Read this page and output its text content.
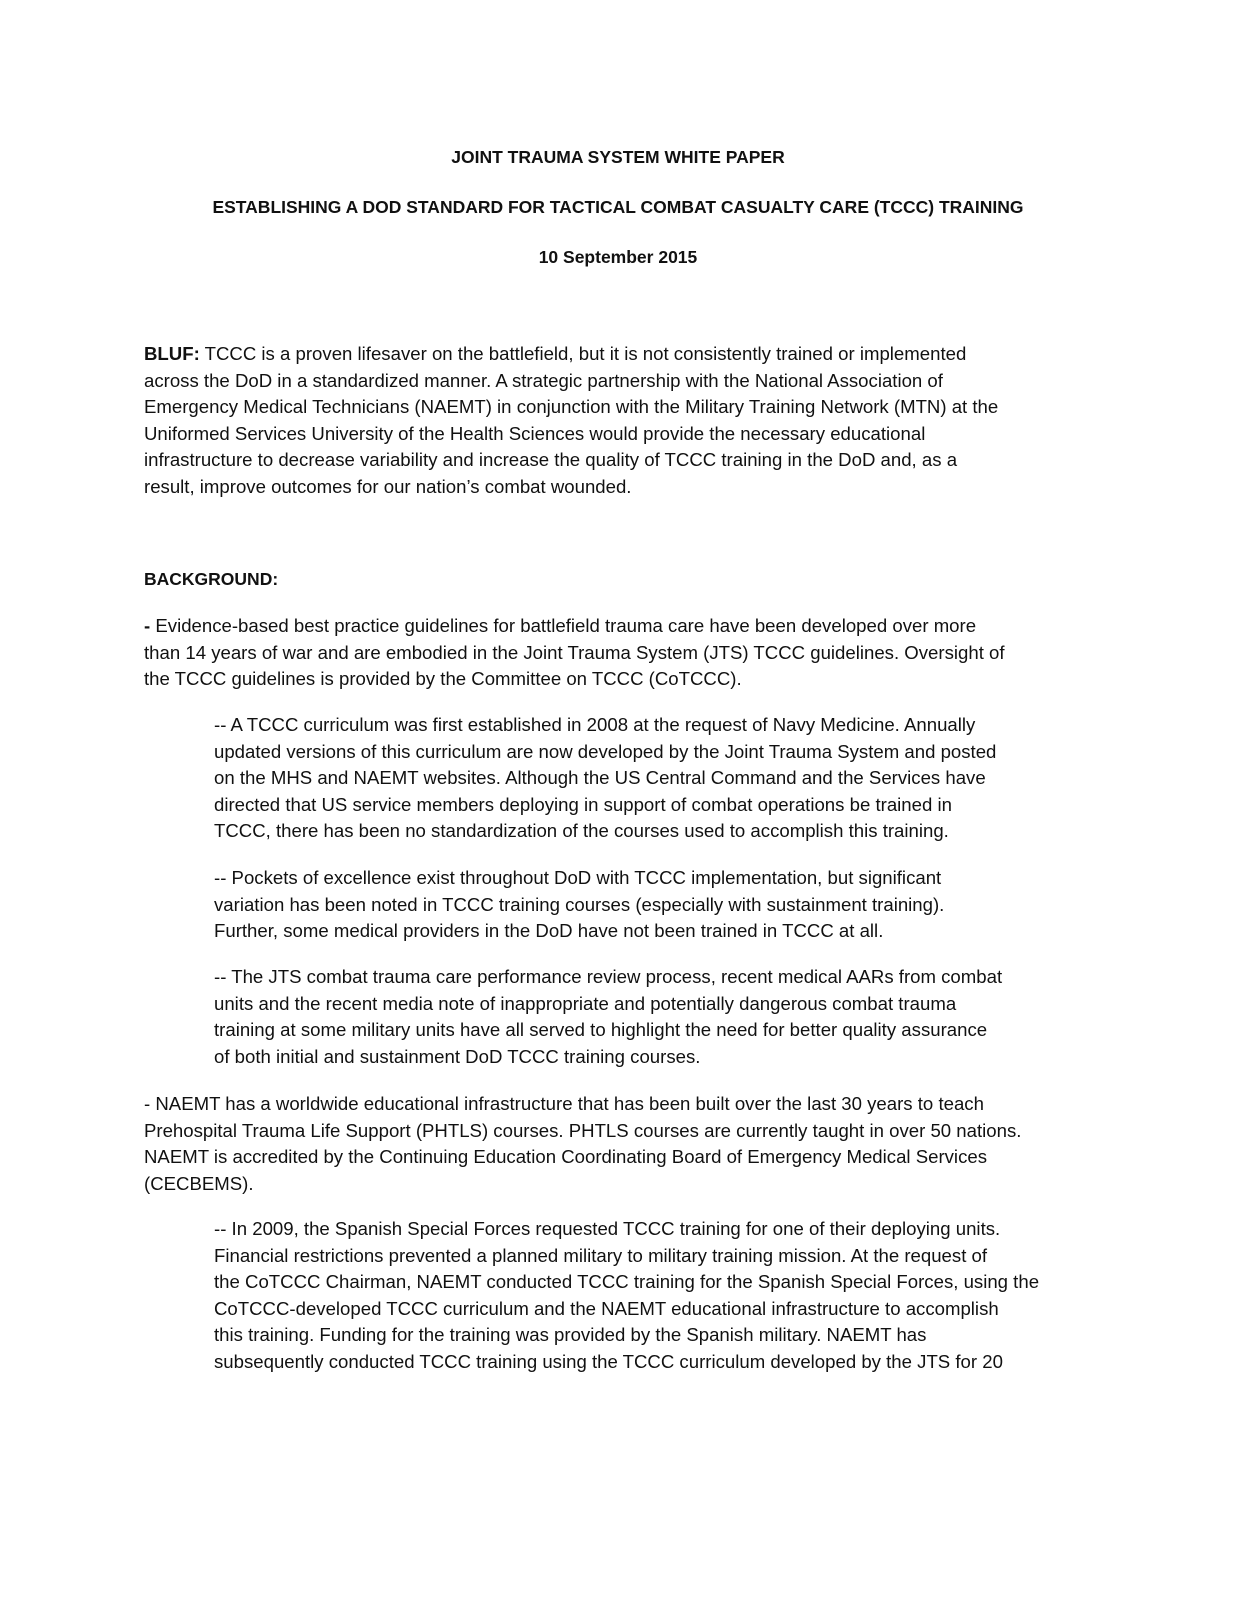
JOINT TRAUMA SYSTEM WHITE PAPER
ESTABLISHING A DOD STANDARD FOR TACTICAL COMBAT CASUALTY CARE (TCCC) TRAINING
10 September 2015

BLUF: TCCC is a proven lifesaver on the battlefield, but it is not consistently trained or implemented
across the DoD in a standardized manner. A strategic partnership with the National Association of
Emergency Medical Technicians (NAEMT) in conjunction with the Military Training Network (MTN) at the
Uniformed Services University of the Health Sciences would provide the necessary educational
infrastructure to decrease variability and increase the quality of TCCC training in the DoD and, as a
result, improve outcomes for our nation’s combat wounded.

BACKGROUND:

- Evidence-based best practice guidelines for battlefield trauma care have been developed over more
than 14 years of war and are embodied in the Joint Trauma System (JTS) TCCC guidelines. Oversight of
the TCCC guidelines is provided by the Committee on TCCC (CoTCCC).

-- A TCCC curriculum was first established in 2008 at the request of Navy Medicine. Annually
updated versions of this curriculum are now developed by the Joint Trauma System and posted
on the MHS and NAEMT websites. Although the US Central Command and the Services have
directed that US service members deploying in support of combat operations be trained in
TCCC, there has been no standardization of the courses used to accomplish this training.

-- Pockets of excellence exist throughout DoD with TCCC implementation, but significant
variation has been noted in TCCC training courses (especially with sustainment training).
Further, some medical providers in the DoD have not been trained in TCCC at all.

-- The JTS combat trauma care performance review process, recent medical AARs from combat
units and the recent media note of inappropriate and potentially dangerous combat trauma
training at some military units have all served to highlight the need for better quality assurance
of both initial and sustainment DoD TCCC training courses.

- NAEMT has a worldwide educational infrastructure that has been built over the last 30 years to teach
Prehospital Trauma Life Support (PHTLS) courses. PHTLS courses are currently taught in over 50 nations.
NAEMT is accredited by the Continuing Education Coordinating Board of Emergency Medical Services
(CECBEMS).

-- In 2009, the Spanish Special Forces requested TCCC training for one of their deploying units.
Financial restrictions prevented a planned military to military training mission. At the request of
the CoTCCC Chairman, NAEMT conducted TCCC training for the Spanish Special Forces, using the
CoTCCC-developed TCCC curriculum and the NAEMT educational infrastructure to accomplish
this training. Funding for the training was provided by the Spanish military. NAEMT has
subsequently conducted TCCC training using the TCCC curriculum developed by the JTS for 20
